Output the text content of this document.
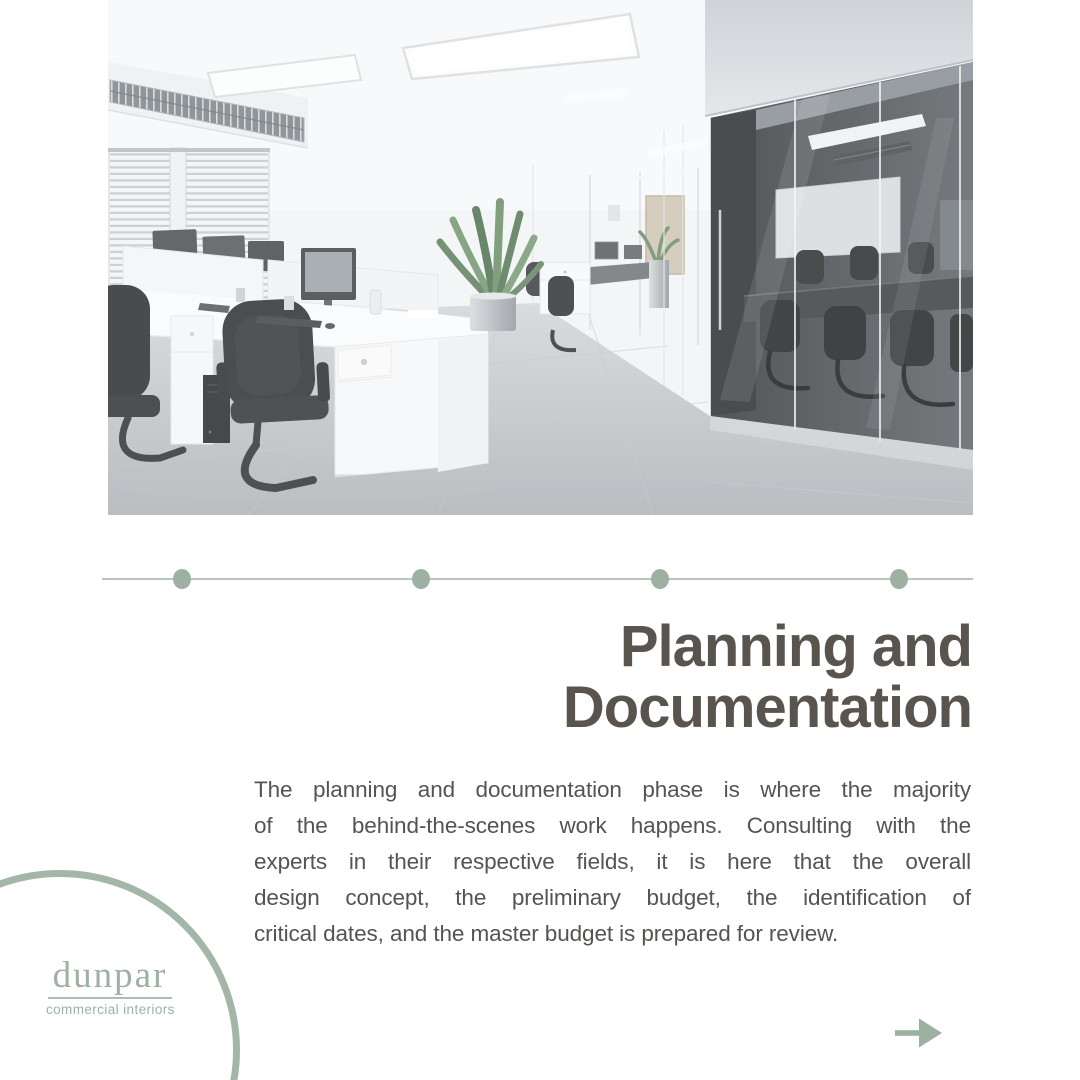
Planning and
Documentation
The planning and documentation phase is where the majority
of the behind-the-scenes work happens. Consulting with the
experts in their respective fields, it is here that the overall
design concept, the preliminary budget, the identification of
critical dates, and the master budget is prepared for review.
dunpar
commercial interiors
